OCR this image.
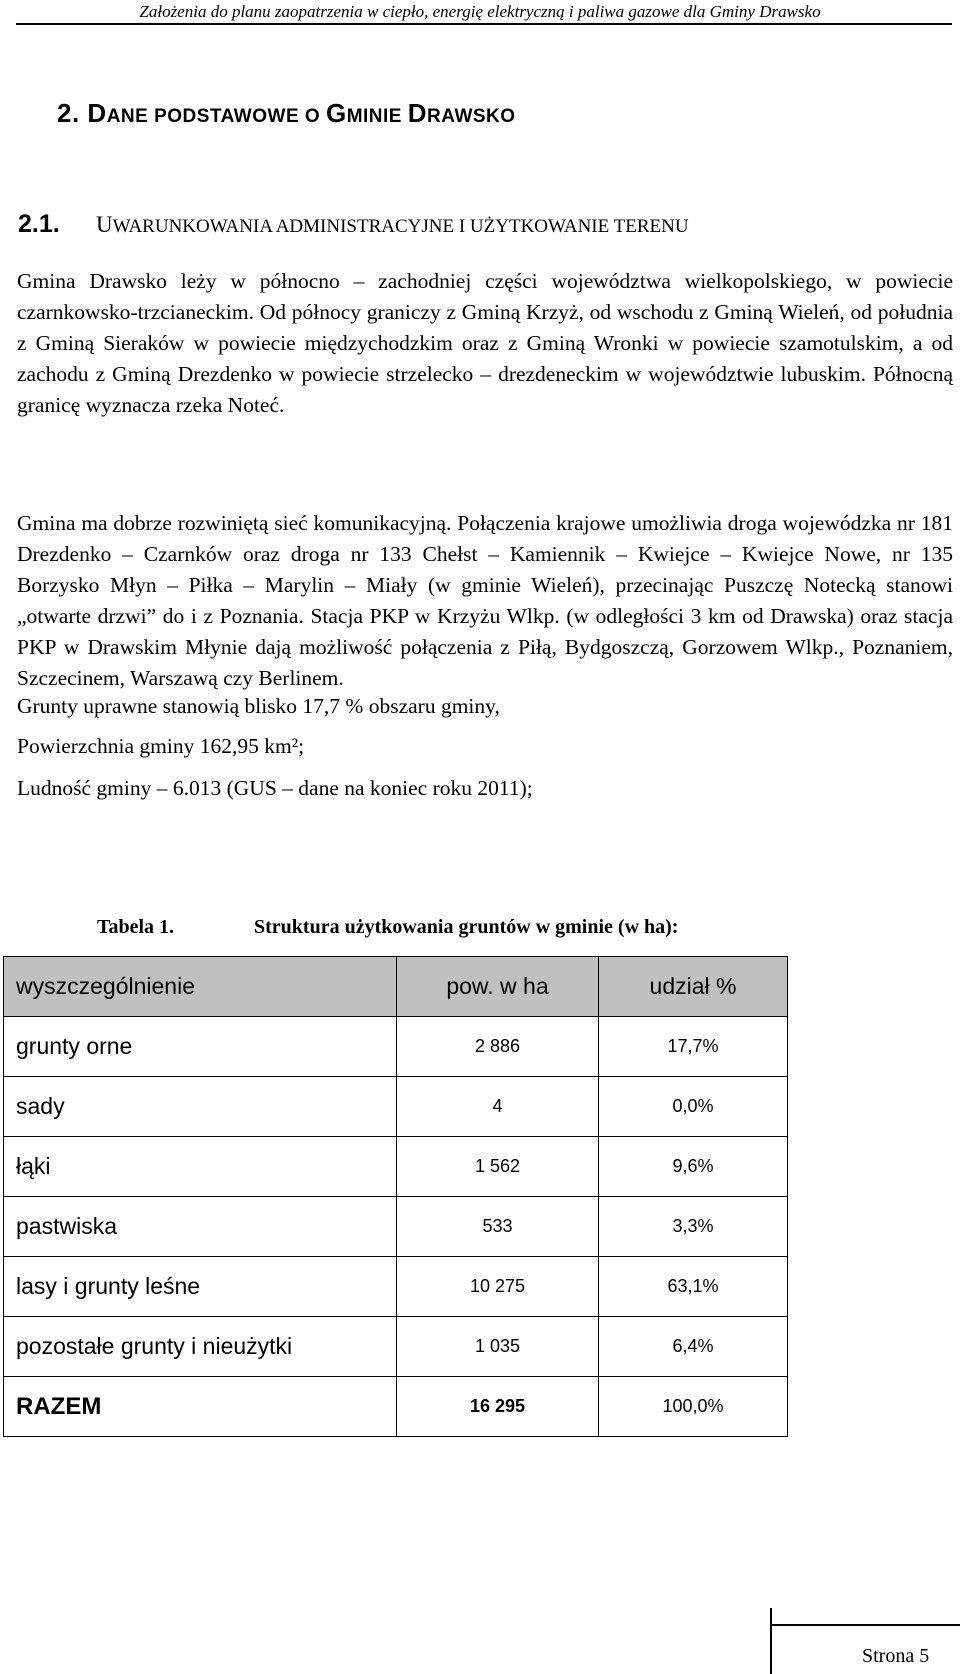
Założenia do planu zaopatrzenia w ciepło, energię elektryczną i paliwa gazowe dla Gminy Drawsko
2. DANE PODSTAWOWE O GMINIE DRAWSKO
2.1. UWARUNKOWANIA ADMINISTRACYJNE I UŻYTKOWANIE TERENU
Gmina Drawsko leży w północno – zachodniej części województwa wielkopolskiego, w powiecie czarnkowsko-trzcianeckim. Od północy graniczy z Gminą Krzyż, od wschodu z Gminą Wieleń, od południa z Gminą Sieraków w powiecie międzychodzkim oraz z Gminą Wronki w powiecie szamotulskim, a od zachodu z Gminą Drezdenko w powiecie strzelecko – drezdeneckim w województwie lubuskim. Północną granicę wyznacza rzeka Noteć.
Gmina ma dobrze rozwiniętą sieć komunikacyjną. Połączenia krajowe umożliwia droga wojewódzka nr 181 Drezdenko – Czarnków oraz droga nr 133 Chełst – Kamiennik – Kwiejce – Kwiejce Nowe, nr 135 Borzysko Młyn – Piłka – Marylin – Miały (w gminie Wieleń), przecinając Puszczę Notecką stanowi „otwarte drzwi” do i z Poznania. Stacja PKP w Krzyżu Wlkp. (w odległości 3 km od Drawska) oraz stacja PKP w Drawskim Młynie dają możliwość połączenia z Piłą, Bydgoszczą, Gorzowem Wlkp., Poznaniem, Szczecinem, Warszawą czy Berlinem.
Grunty uprawne stanowią blisko 17,7 % obszaru gminy,
Powierzchnia gminy 162,95 km²;
Ludność gminy – 6.013 (GUS – dane na koniec roku 2011);
Tabela 1.	Struktura użytkowania gruntów w gminie (w ha):
wyszczególnienie	pow. w ha	udział %
grunty orne	2 886	17,7%
sady	4	0,0%
łąki	1 562	9,6%
pastwiska	533	3,3%
lasy i grunty leśne	10 275	63,1%
pozostałe grunty i nieużytki	1 035	6,4%
RAZEM	16 295	100,0%
Strona 5
